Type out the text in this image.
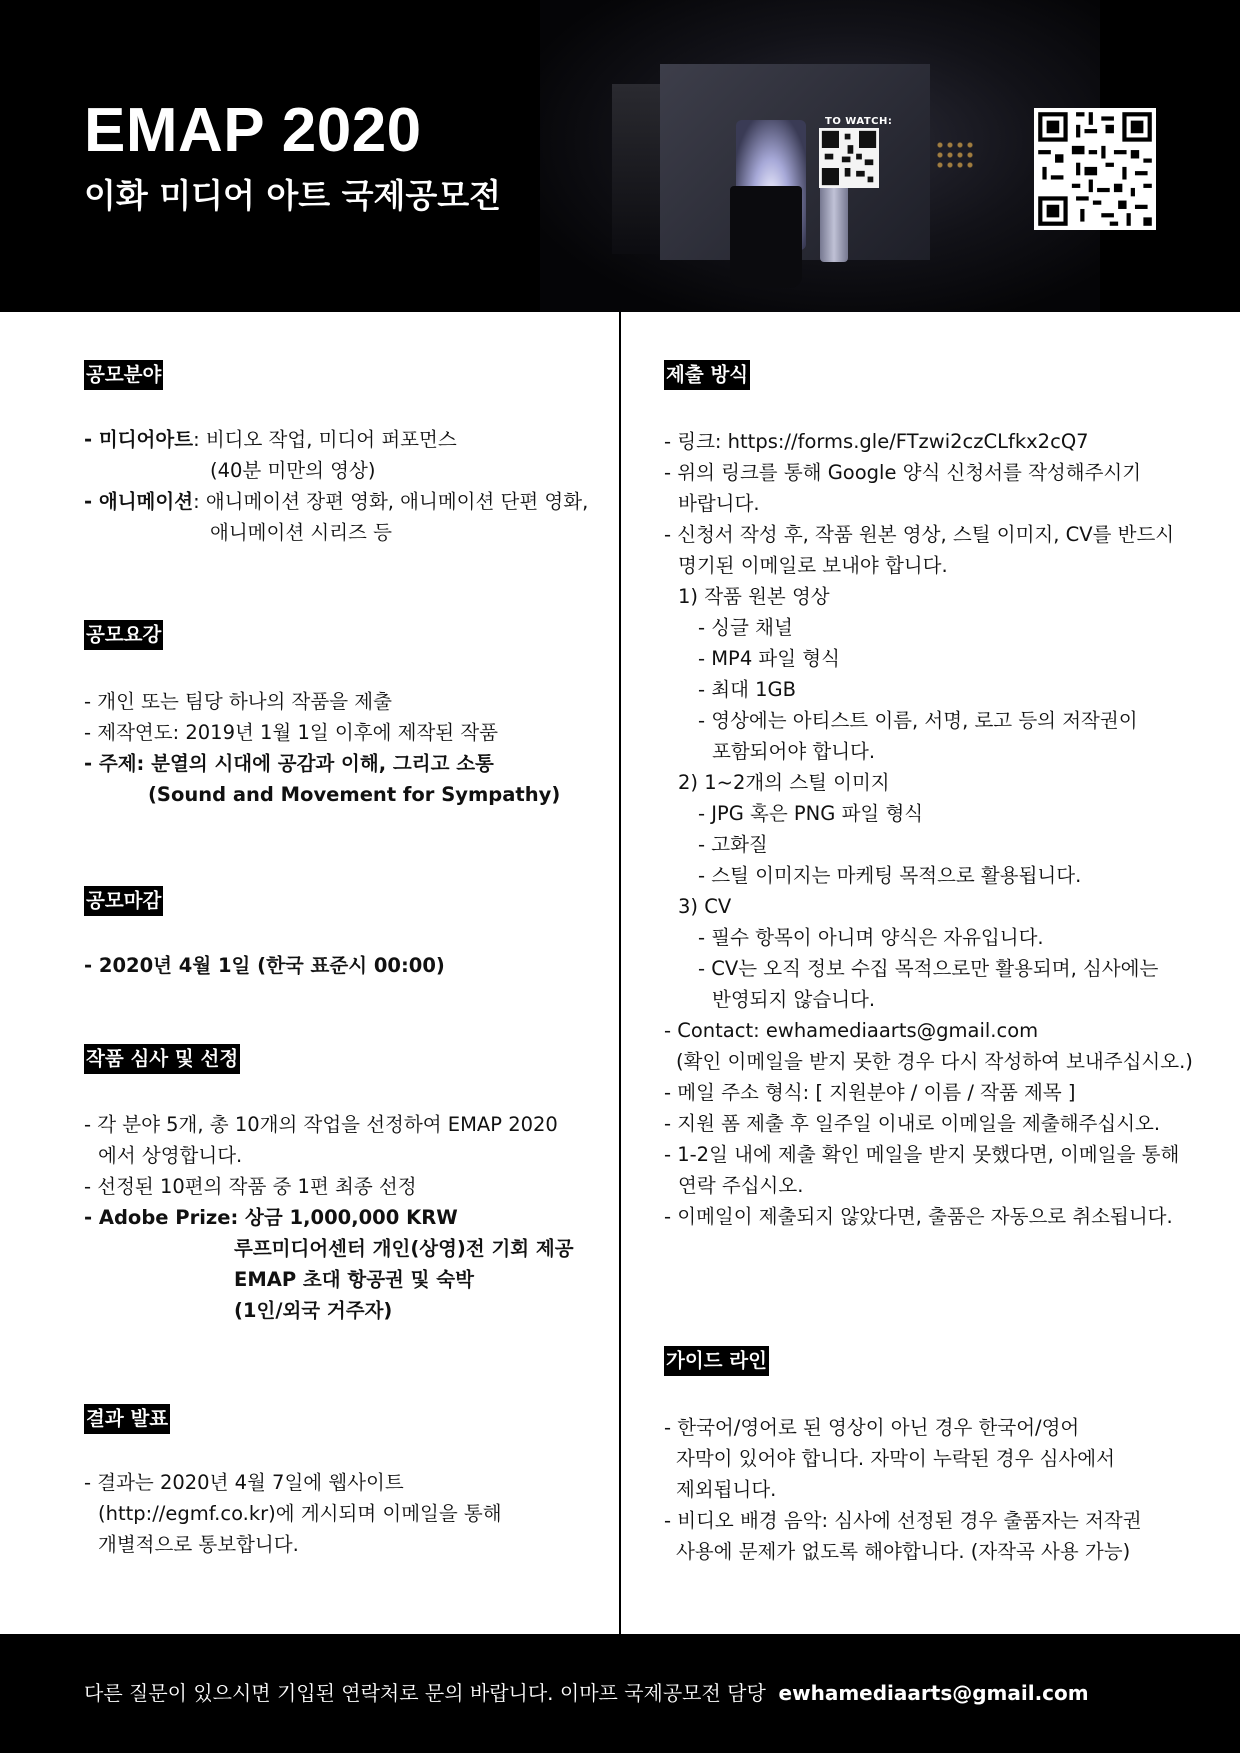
TO WATCH:
EMAP 2020
이화 미디어 아트 국제공모전
공모분야
- 미디어아트: 비디오 작업, 미디어 퍼포먼스
(40분 미만의 영상)
- 애니메이션: 애니메이션 장편 영화, 애니메이션 단편 영화,
애니메이션 시리즈 등
공모요강
- 개인 또는 팀당 하나의 작품을 제출
- 제작연도: 2019년 1월 1일 이후에 제작된 작품
- 주제: 분열의 시대에 공감과 이해, 그리고 소통
(Sound and Movement for Sympathy)
공모마감
- 2020년 4월 1일 (한국 표준시 00:00)
작품 심사 및 선정
- 각 분야 5개, 총 10개의 작업을 선정하여 EMAP 2020
에서 상영합니다.
- 선정된 10편의 작품 중 1편 최종 선정
- Adobe Prize: 상금 1,000,000 KRW
루프미디어센터 개인(상영)전 기회 제공
EMAP 초대 항공권 및 숙박
(1인/외국 거주자)
결과 발표
- 결과는 2020년 4월 7일에 웹사이트
(http://egmf.co.kr)에 게시되며 이메일을 통해
개별적으로 통보합니다.
제출 방식
- 링크: https://forms.gle/FTzwi2czCLfkx2cQ7
- 위의 링크를 통해 Google 양식 신청서를 작성해주시기
바랍니다.
- 신청서 작성 후, 작품 원본 영상, 스틸 이미지, CV를 반드시
명기된 이메일로 보내야 합니다.
1) 작품 원본 영상
- 싱글 채널
- MP4 파일 형식
- 최대 1GB
- 영상에는 아티스트 이름, 서명, 로고 등의 저작권이
포함되어야 합니다.
2) 1~2개의 스틸 이미지
- JPG 혹은 PNG 파일 형식
- 고화질
- 스틸 이미지는 마케팅 목적으로 활용됩니다.
3) CV
- 필수 항목이 아니며 양식은 자유입니다.
- CV는 오직 정보 수집 목적으로만 활용되며, 심사에는
반영되지 않습니다.
- Contact: ewhamediaarts@gmail.com
(확인 이메일을 받지 못한 경우 다시 작성하여 보내주십시오.)
- 메일 주소 형식: [ 지원분야 / 이름 / 작품 제목 ]
- 지원 폼 제출 후 일주일 이내로 이메일을 제출해주십시오.
- 1-2일 내에 제출 확인 메일을 받지 못했다면, 이메일을 통해
연락 주십시오.
- 이메일이 제출되지 않았다면, 출품은 자동으로 취소됩니다.
가이드 라인
- 한국어/영어로 된 영상이 아닌 경우 한국어/영어
자막이 있어야 합니다. 자막이 누락된 경우 심사에서
제외됩니다.
- 비디오 배경 음악: 심사에 선정된 경우 출품자는 저작권
사용에 문제가 없도록 해야합니다. (자작곡 사용 가능)
다른 질문이 있으시면 기입된 연락처로 문의 바랍니다. 이마프 국제공모전 담당 ewhamediaarts@gmail.com
